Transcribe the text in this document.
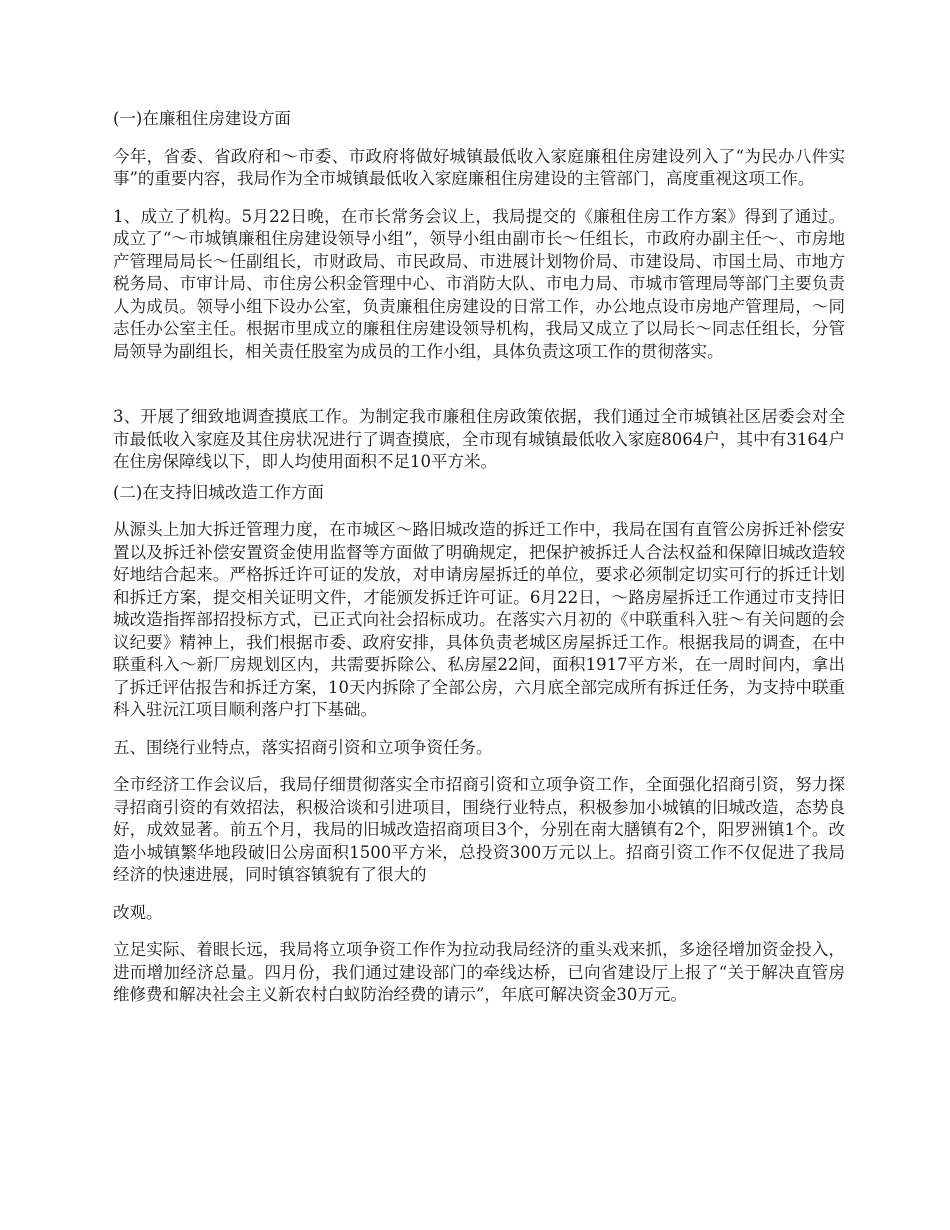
(一)在廉租住房建设方面

今年，省委、省政府和～市委、市政府将做好城镇最低收入家庭廉租住房建设列入了“为民办八件实事”的重要内容，我局作为全市城镇最低收入家庭廉租住房建设的主管部门，高度重视这项工作。

1、成立了机构。5月22日晚，在市长常务会议上，我局提交的《廉租住房工作方案》得到了通过。成立了“～市城镇廉租住房建设领导小组”，领导小组由副市长～任组长，市政府办副主任～、市房地产管理局局长～任副组长，市财政局、市民政局、市进展计划物价局、市建设局、市国土局、市地方税务局、市审计局、市住房公积金管理中心、市消防大队、市电力局、市城市管理局等部门主要负责人为成员。领导小组下设办公室，负责廉租住房建设的日常工作，办公地点设市房地产管理局，～同志任办公室主任。根据市里成立的廉租住房建设领导机构，我局又成立了以局长～同志任组长，分管局领导为副组长，相关责任股室为成员的工作小组，具体负责这项工作的贯彻落实。

3、开展了细致地调查摸底工作。为制定我市廉租住房政策依据，我们通过全市城镇社区居委会对全市最低收入家庭及其住房状况进行了调查摸底，全市现有城镇最低收入家庭8064户，其中有3164户在住房保障线以下，即人均使用面积不足10平方米。

(二)在支持旧城改造工作方面

从源头上加大拆迁管理力度，在市城区～路旧城改造的拆迁工作中，我局在国有直管公房拆迁补偿安置以及拆迁补偿安置资金使用监督等方面做了明确规定，把保护被拆迁人合法权益和保障旧城改造较好地结合起来。严格拆迁许可证的发放，对申请房屋拆迁的单位，要求必须制定切实可行的拆迁计划和拆迁方案，提交相关证明文件，才能颁发拆迁许可证。6月22日，～路房屋拆迁工作通过市支持旧城改造指挥部招投标方式，已正式向社会招标成功。在落实六月初的《中联重科入驻～有关问题的会议纪要》精神上，我们根据市委、政府安排，具体负责老城区房屋拆迁工作。根据我局的调查，在中联重科入～新厂房规划区内，共需要拆除公、私房屋22间，面积1917平方米，在一周时间内，拿出了拆迁评估报告和拆迁方案，10天内拆除了全部公房，六月底全部完成所有拆迁任务，为支持中联重科入驻沅江项目顺利落户打下基础。

五、围绕行业特点，落实招商引资和立项争资任务。

全市经济工作会议后，我局仔细贯彻落实全市招商引资和立项争资工作，全面强化招商引资，努力探寻招商引资的有效招法，积极洽谈和引进项目，围绕行业特点，积极参加小城镇的旧城改造，态势良好，成效显著。前五个月，我局的旧城改造招商项目3个，分别在南大膳镇有2个，阳罗洲镇1个。改造小城镇繁华地段破旧公房面积1500平方米，总投资300万元以上。招商引资工作不仅促进了我局经济的快速进展，同时镇容镇貌有了很大的

改观。

立足实际、着眼长远，我局将立项争资工作作为拉动我局经济的重头戏来抓，多途径增加资金投入，进而增加经济总量。四月份，我们通过建设部门的牵线达桥，已向省建设厅上报了“关于解决直管房维修费和解决社会主义新农村白蚁防治经费的请示”，年底可解决资金30万元。
